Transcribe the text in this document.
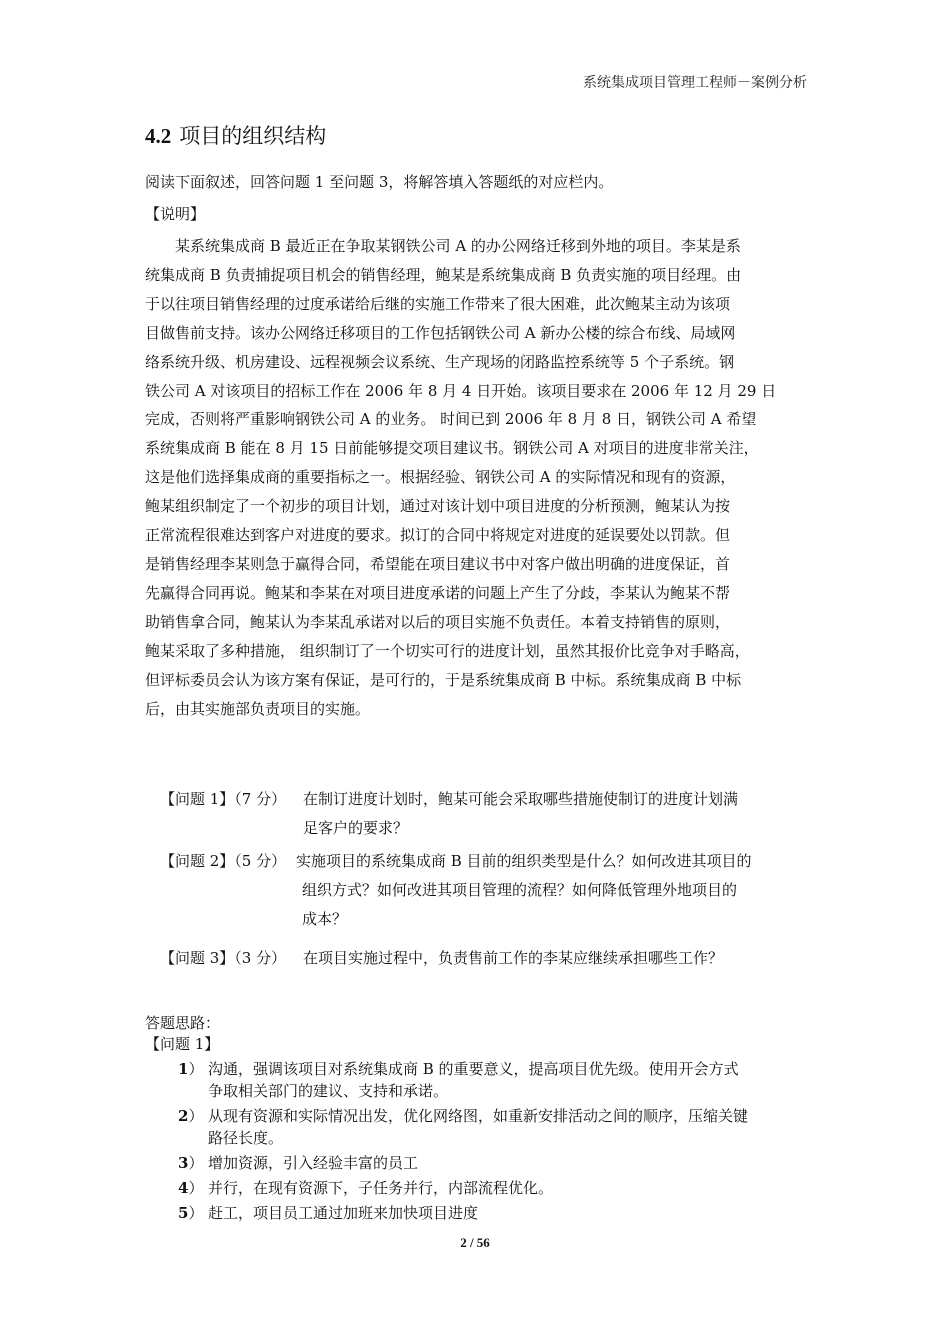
系统集成项目管理工程师－案例分析
4.2 项目的组织结构
阅读下面叙述，回答问题 1 至问题 3，将解答填入答题纸的对应栏内。
【说明】
某系统集成商 B 最近正在争取某钢铁公司 A 的办公网络迁移到外地的项目。李某是系
统集成商 B 负责捕捉项目机会的销售经理，鲍某是系统集成商 B 负责实施的项目经理。由
于以往项目销售经理的过度承诺给后继的实施工作带来了很大困难，此次鲍某主动为该项
目做售前支持。该办公网络迁移项目的工作包括钢铁公司 A 新办公楼的综合布线、局域网
络系统升级、机房建设、远程视频会议系统、生产现场的闭路监控系统等 5 个子系统。钢
铁公司 A 对该项目的招标工作在 2006 年 8 月 4 日开始。该项目要求在 2006 年 12 月 29 日
完成，否则将严重影响钢铁公司 A 的业务。 时间已到 2006 年 8 月 8 日，钢铁公司 A 希望
系统集成商 B 能在 8 月 15 日前能够提交项目建议书。钢铁公司 A 对项目的进度非常关注，
这是他们选择集成商的重要指标之一。根据经验、钢铁公司 A 的实际情况和现有的资源，
鲍某组织制定了一个初步的项目计划，通过对该计划中项目进度的分析预测，鲍某认为按
正常流程很难达到客户对进度的要求。拟订的合同中将规定对进度的延误要处以罚款。但
是销售经理李某则急于赢得合同，希望能在项目建议书中对客户做出明确的进度保证，首
先赢得合同再说。鲍某和李某在对项目进度承诺的问题上产生了分歧，李某认为鲍某不帮
助销售拿合同，鲍某认为李某乱承诺对以后的项目实施不负责任。本着支持销售的原则，
鲍某采取了多种措施， 组织制订了一个切实可行的进度计划，虽然其报价比竞争对手略高，
但评标委员会认为该方案有保证，是可行的，于是系统集成商 B 中标。系统集成商 B 中标
后，由其实施部负责项目的实施。
【问题 1】（7 分） 在制订进度计划时，鲍某可能会采取哪些措施使制订的进度计划满
足客户的要求？
【问题 2】（5 分） 实施项目的系统集成商 B 目前的组织类型是什么？如何改进其项目的
组织方式？如何改进其项目管理的流程？如何降低管理外地项目的
成本？
【问题 3】（3 分） 在项目实施过程中，负责售前工作的李某应继续承担哪些工作？
答题思路：
【问题 1】
1） 沟通，强调该项目对系统集成商 B 的重要意义，提高项目优先级。使用开会方式
争取相关部门的建议、支持和承诺。
2） 从现有资源和实际情况出发，优化网络图，如重新安排活动之间的顺序，压缩关键
路径长度。
3） 增加资源，引入经验丰富的员工
4） 并行，在现有资源下，子任务并行，内部流程优化。
5） 赶工，项目员工通过加班来加快项目进度
2 / 56
